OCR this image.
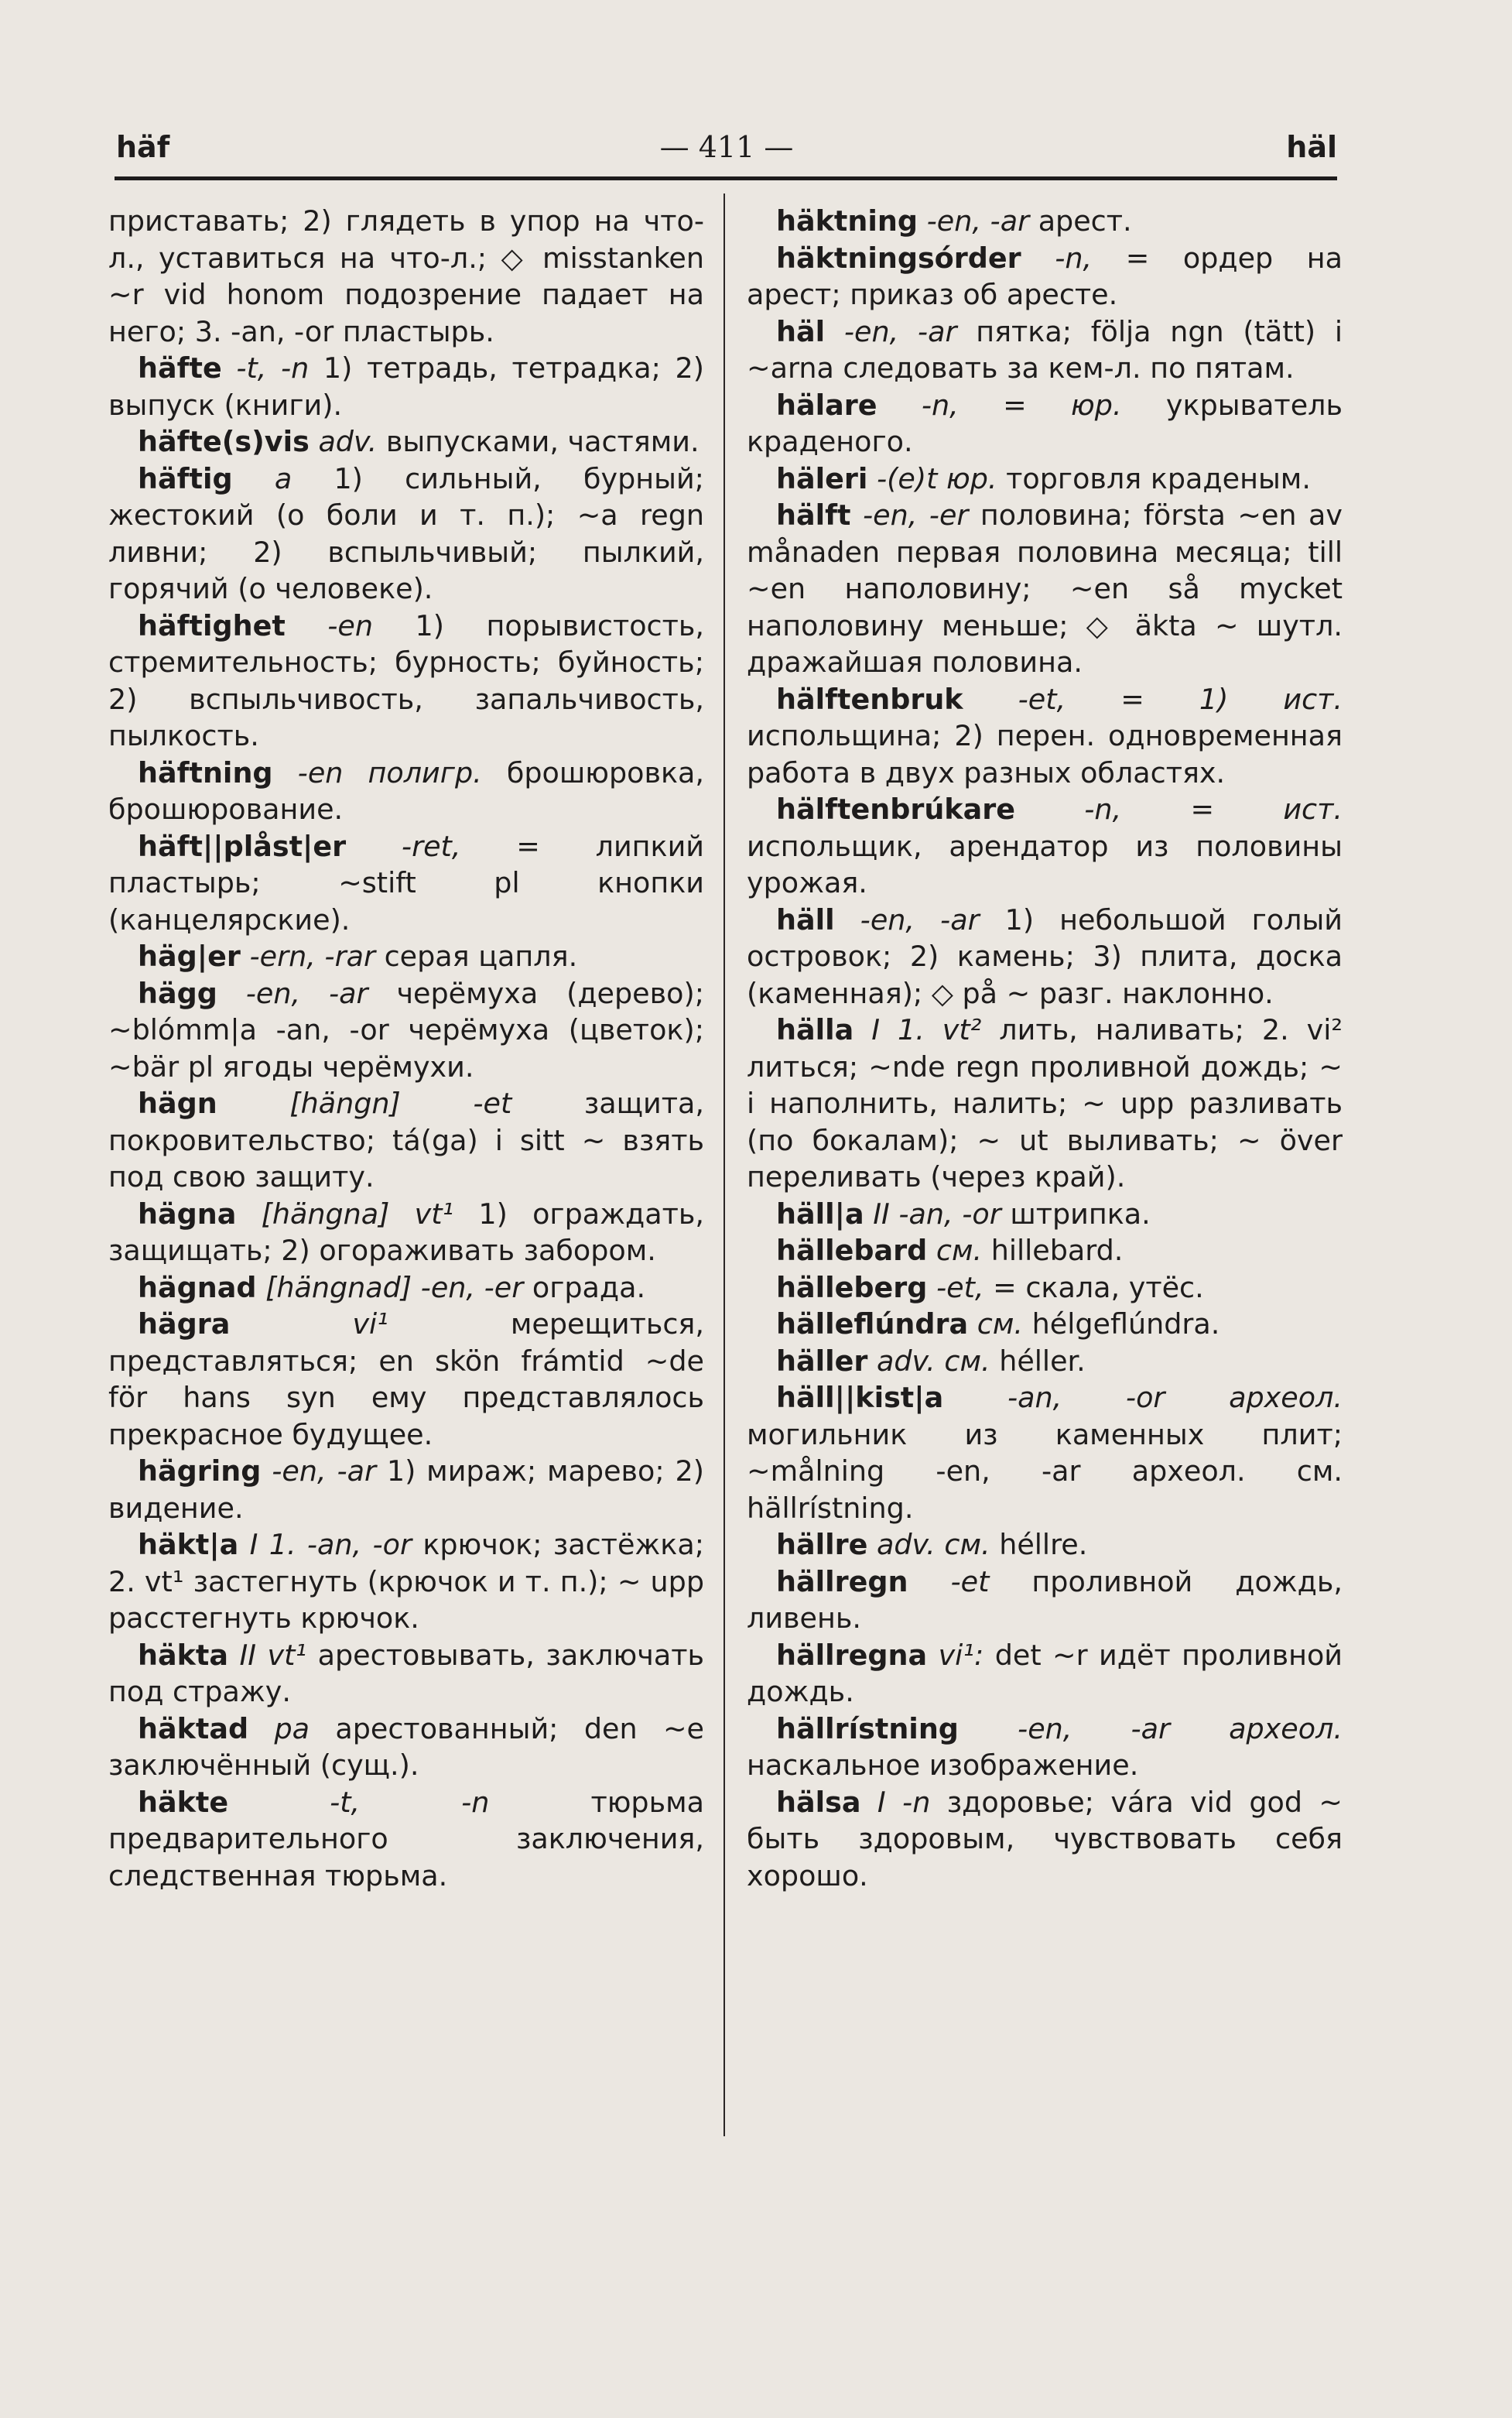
häf	— 411 —	häl

приставать; 2) глядеть в упор на что-л., уставиться на что-л.; ◇ misstanken ~r vid honom подозрение падает на него; 3. -an, -or пластырь.

häfte -t, -n 1) тетрадь, тетрадка; 2) выпуск (книги).

häfte(s)vis adv. выпусками, частями.

häftig a 1) сильный, бурный; жестокий (о боли и т. п.); ~a regn ливни; 2) вспыльчивый; пылкий, горячий (о человеке).

häftighet -en 1) порывистость, стремительность; бурность; буйность; 2) вспыльчивость, запальчивость, пылкость.

häftning -en полигр. брошюровка, брошюрование.

häft||plåst|er -ret, = липкий пластырь; ~stift pl кнопки (канцелярские).

häg|er -ern, -rar серая цапля.

hägg -en, -ar черёмуха (дерево); ~blómm|a -an, -or черёмуха (цветок); ~bär pl ягоды черёмухи.

hägn	[hängn] -et	защита, покровительство; tá(ga) i sitt ~ взять под свою защиту.

hägna [hängna] vt¹ 1) ограждать, защищать; 2) огораживать забором.

hägnad [hängnad] -en, -er ограда.

hägra	vi¹	мерещиться, представляться; en skön frámtid ~de för hans syn ему представлялось прекрасное будущее.

hägring -en, -ar 1) мираж; марево; 2) видение.

häkt|a I 1. -an, -or крючок; застёжка; 2. vt¹ застегнуть (крючок и т. п.); ~ upp расстегнуть крючок.

häkta II vt¹ арестовывать, заключать под стражу.

häktad pa арестованный; den ~e заключённый (сущ.).

häkte	-t, -n	тюрьма предварительного заключения, следственная тюрьма.

häktning -en, -ar арест.

häktningsórder -n, = ордер на арест; приказ об аресте.

häl -en, -ar пятка; följa ngn (tätt) i ~arna следовать за кем-л. по пятам.

hälare -n, = юр. укрыватель краденого.

häleri -(e)t юр. торговля краденым.

hälft -en, -er половина; första ~en av månaden первая половина месяца; till ~en наполовину; ~en så mycket наполовину меньше; ◇ äkta ~ шутл. дражайшая половина.

hälftenbruk -et, = 1) ист. испольщина; 2) перен. одновременная работа в двух разных областях.

hälftenbrúkare -n, = ист. испольщик, арендатор из половины урожая.

häll -en, -ar 1) небольшой голый островок; 2) камень; 3) плита, доска (каменная); ◇ på ~ разг. наклонно.

hälla I 1. vt² лить, наливать; 2. vi² литься; ~nde regn проливной дождь; ~ i наполнить, налить; ~ upp разливать (по бокалам); ~ ut выливать; ~ över переливать (через край).

häll|a II -an, -or штрипка.

hällebard см. hillebard.

hälleberg -et, = скала, утёс.

hälleflúndra см. hélgeflúndra.

häller adv. см. héller.

häll||kist|a -an, -or археол. могильник из каменных плит; ~målning -en, -ar археол. см. hällrístning.

hällre adv. см. héllre.

hällregn -et проливной дождь, ливень.

hällregna vi¹: det ~r идёт проливной дождь.

hällrístning -en, -ar археол. наскальное изображение.

hälsa I -n здоровье; vára vid god ~ быть здоровым, чувствовать себя хорошо.
